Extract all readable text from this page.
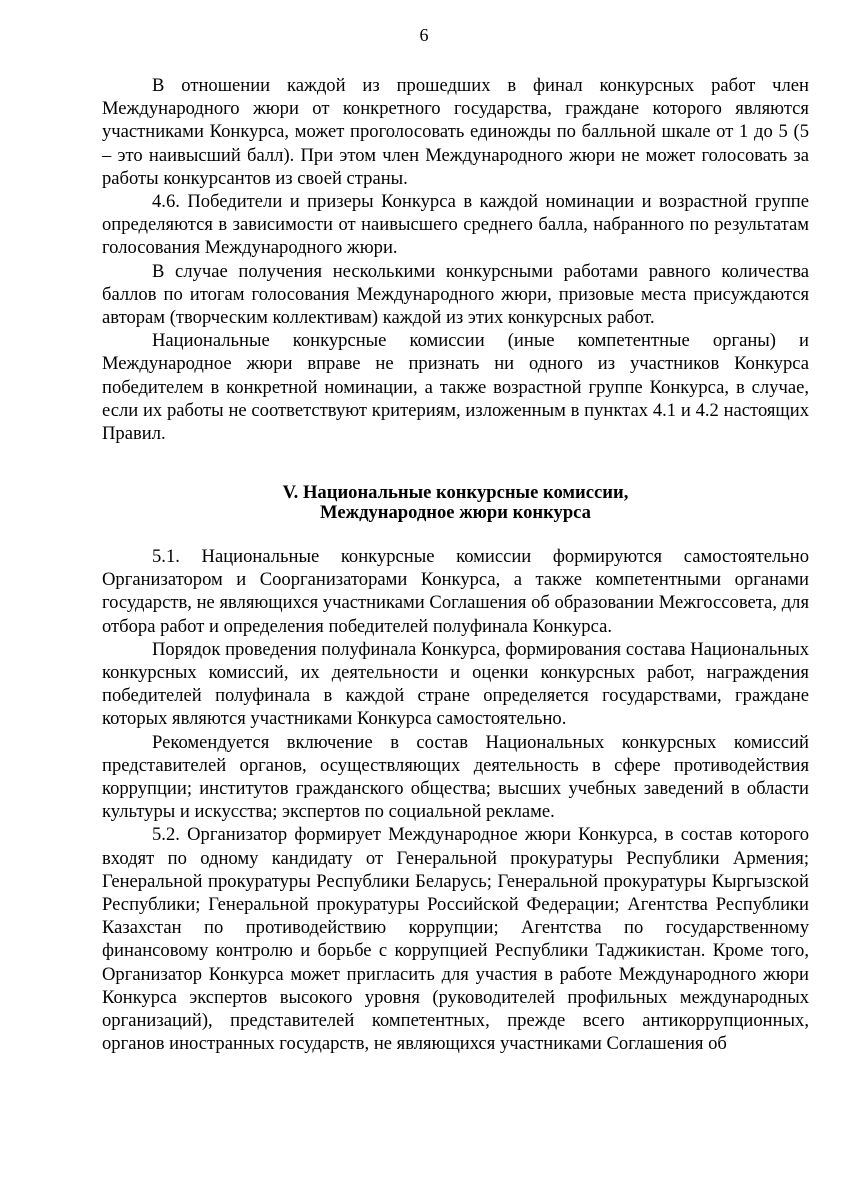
6

В отношении каждой из прошедших в финал конкурсных работ член Международного жюри от конкретного государства, граждане которого являются участниками Конкурса, может проголосовать единожды по балльной шкале от 1 до 5 (5 – это наивысший балл). При этом член Международного жюри не может голосовать за работы конкурсантов из своей страны.

4.6. Победители и призеры Конкурса в каждой номинации и возрастной группе определяются в зависимости от наивысшего среднего балла, набранного по результатам голосования Международного жюри.

В случае получения несколькими конкурсными работами равного количества баллов по итогам голосования Международного жюри, призовые места присуждаются авторам (творческим коллективам) каждой из этих конкурсных работ.

Национальные конкурсные комиссии (иные компетентные органы) и Международное жюри вправе не признать ни одного из участников Конкурса победителем в конкретной номинации, а также возрастной группе Конкурса, в случае, если их работы не соответствуют критериям, изложенным в пунктах 4.1 и 4.2 настоящих Правил.

V. Национальные конкурсные комиссии,
Международное жюри конкурса

5.1. Национальные конкурсные комиссии формируются самостоятельно Организатором и Соорганизаторами Конкурса, а также компетентными органами государств, не являющихся участниками Соглашения об образовании Межгоссовета, для отбора работ и определения победителей полуфинала Конкурса.

Порядок проведения полуфинала Конкурса, формирования состава Национальных конкурсных комиссий, их деятельности и оценки конкурсных работ, награждения победителей полуфинала в каждой стране определяется государствами, граждане которых являются участниками Конкурса самостоятельно.

Рекомендуется включение в состав Национальных конкурсных комиссий представителей органов, осуществляющих деятельность в сфере противодействия коррупции; институтов гражданского общества; высших учебных заведений в области культуры и искусства; экспертов по социальной рекламе.

5.2. Организатор формирует Международное жюри Конкурса, в состав которого входят по одному кандидату от Генеральной прокуратуры Республики Армения; Генеральной прокуратуры Республики Беларусь; Генеральной прокуратуры Кыргызской Республики; Генеральной прокуратуры Российской Федерации; Агентства Республики Казахстан по противодействию коррупции; Агентства по государственному финансовому контролю и борьбе с коррупцией Республики Таджикистан. Кроме того, Организатор Конкурса может пригласить для участия в работе Международного жюри Конкурса экспертов высокого уровня (руководителей профильных международных организаций), представителей компетентных, прежде всего антикоррупционных, органов иностранных государств, не являющихся участниками Соглашения об
